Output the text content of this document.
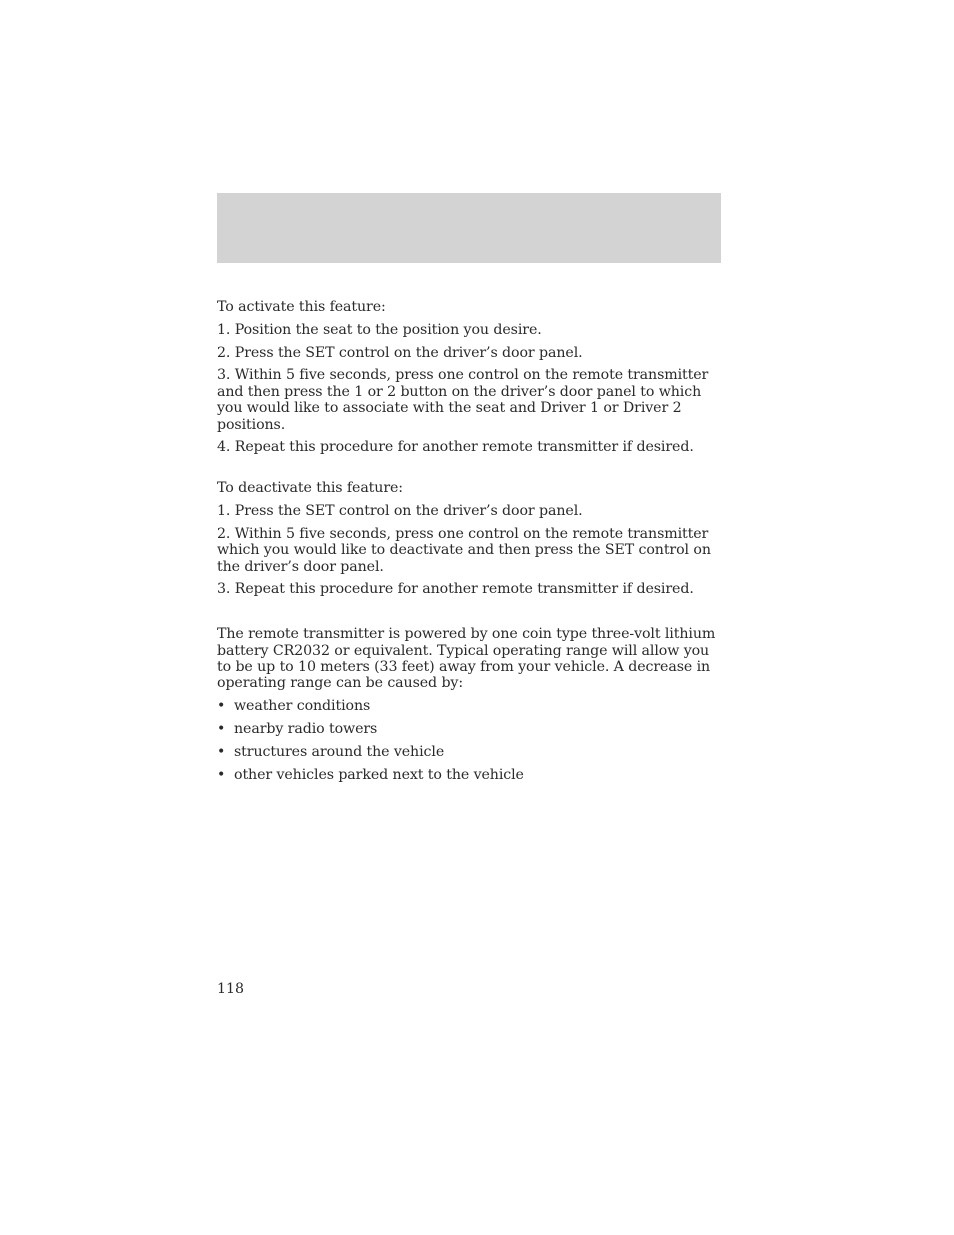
To activate this feature:

1. Position the seat to the position you desire.

2. Press the SET control on the driver’s door panel.

3. Within 5 five seconds, press one control on the remote transmitter and then press the 1 or 2 button on the driver’s door panel to which you would like to associate with the seat and Driver 1 or Driver 2 positions.

4. Repeat this procedure for another remote transmitter if desired.

To deactivate this feature:

1. Press the SET control on the driver’s door panel.

2. Within 5 five seconds, press one control on the remote transmitter which you would like to deactivate and then press the SET control on the driver’s door panel.

3. Repeat this procedure for another remote transmitter if desired.

The remote transmitter is powered by one coin type three-volt lithium battery CR2032 or equivalent. Typical operating range will allow you to be up to 10 meters (33 feet) away from your vehicle. A decrease in operating range can be caused by:

• weather conditions
• nearby radio towers
• structures around the vehicle
• other vehicles parked next to the vehicle
118
